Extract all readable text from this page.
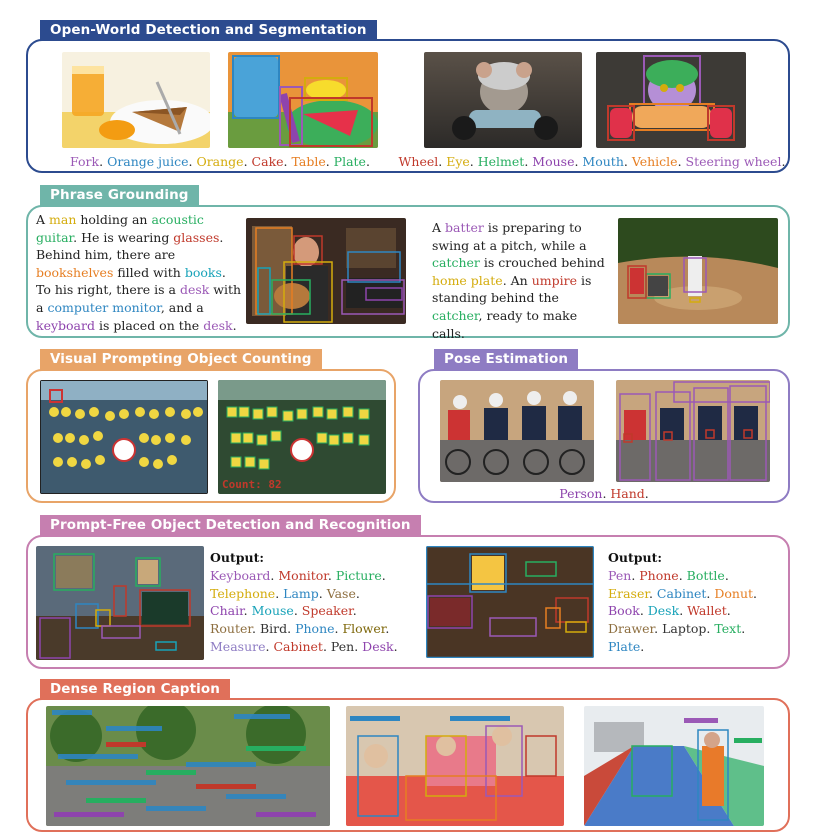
Open-World Detection and Segmentation
Fork. Orange juice. Orange. Cake. Table. Plate.	Wheel. Eye. Helmet. Mouse. Mouth. Vehicle. Steering wheel.
Phrase Grounding
A man holding an acoustic guitar. He is wearing glasses. Behind him, there are bookshelves filled with books. To his right, there is a desk with a computer monitor, and a keyboard is placed on the desk.
A batter is preparing to swing at a pitch, while a catcher is crouched behind home plate. An umpire is standing behind the catcher, ready to make calls.
Visual Prompting Object Counting
Count: 82
Pose Estimation
Person. Hand.
Prompt-Free Object Detection and Recognition
Output:
Keyboard. Monitor. Picture.
Telephone. Lamp. Vase.
Chair. Mouse. Speaker.
Router. Bird. Phone. Flower.
Measure. Cabinet. Pen. Desk.
Output:
Pen. Phone. Bottle.
Eraser. Cabinet. Donut.
Book. Desk. Wallet.
Drawer. Laptop. Text.
Plate.
Dense Region Caption
